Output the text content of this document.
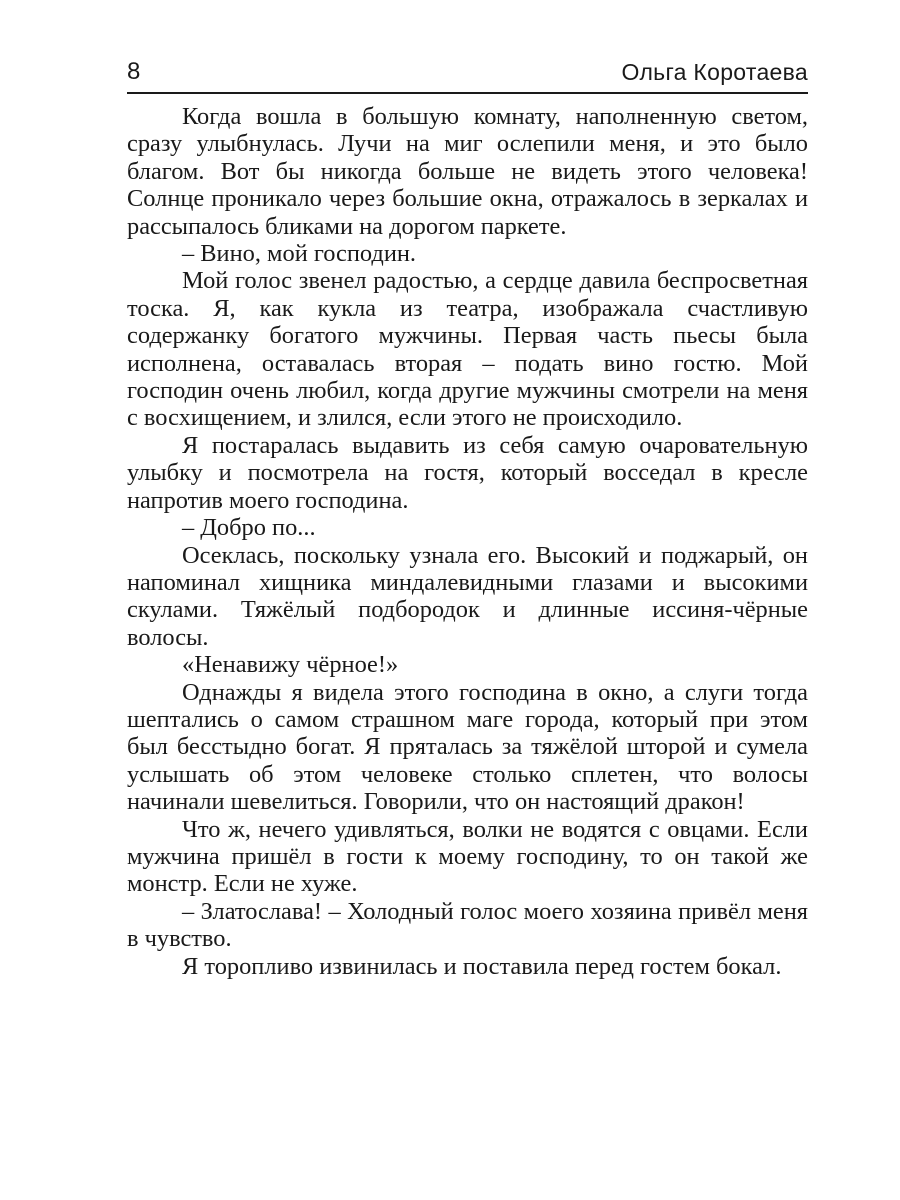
8	Ольга Коротаева

Когда вошла в большую комнату, наполненную светом, сразу улыбнулась. Лучи на миг ослепили меня, и это было благом. Вот бы никогда больше не видеть этого человека! Солнце проникало через большие окна, отражалось в зеркалах и рассыпалось бликами на дорогом паркете.

– Вино, мой господин.

Мой голос звенел радостью, а сердце давила беспросветная тоска. Я, как кукла из театра, изображала счастливую содержанку богатого мужчины. Первая часть пьесы была исполнена, оставалась вторая – подать вино гостю. Мой господин очень любил, когда другие мужчины смотрели на меня с восхищением, и злился, если этого не происходило.

Я постаралась выдавить из себя самую очаровательную улыбку и посмотрела на гостя, который восседал в кресле напротив моего господина.

– Добро по...

Осеклась, поскольку узнала его. Высокий и поджарый, он напоминал хищника миндалевидными глазами и высокими скулами. Тяжёлый подбородок и длинные иссиня-чёрные волосы.

«Ненавижу чёрное!»

Однажды я видела этого господина в окно, а слуги тогда шептались о самом страшном маге города, который при этом был бесстыдно богат. Я пряталась за тяжёлой шторой и сумела услышать об этом человеке столько сплетен, что волосы начинали шевелиться. Говорили, что он настоящий дракон!

Что ж, нечего удивляться, волки не водятся с овцами. Если мужчина пришёл в гости к моему господину, то он такой же монстр. Если не хуже.

– Златослава! – Холодный голос моего хозяина привёл меня в чувство.

Я торопливо извинилась и поставила перед гостем бокал.
